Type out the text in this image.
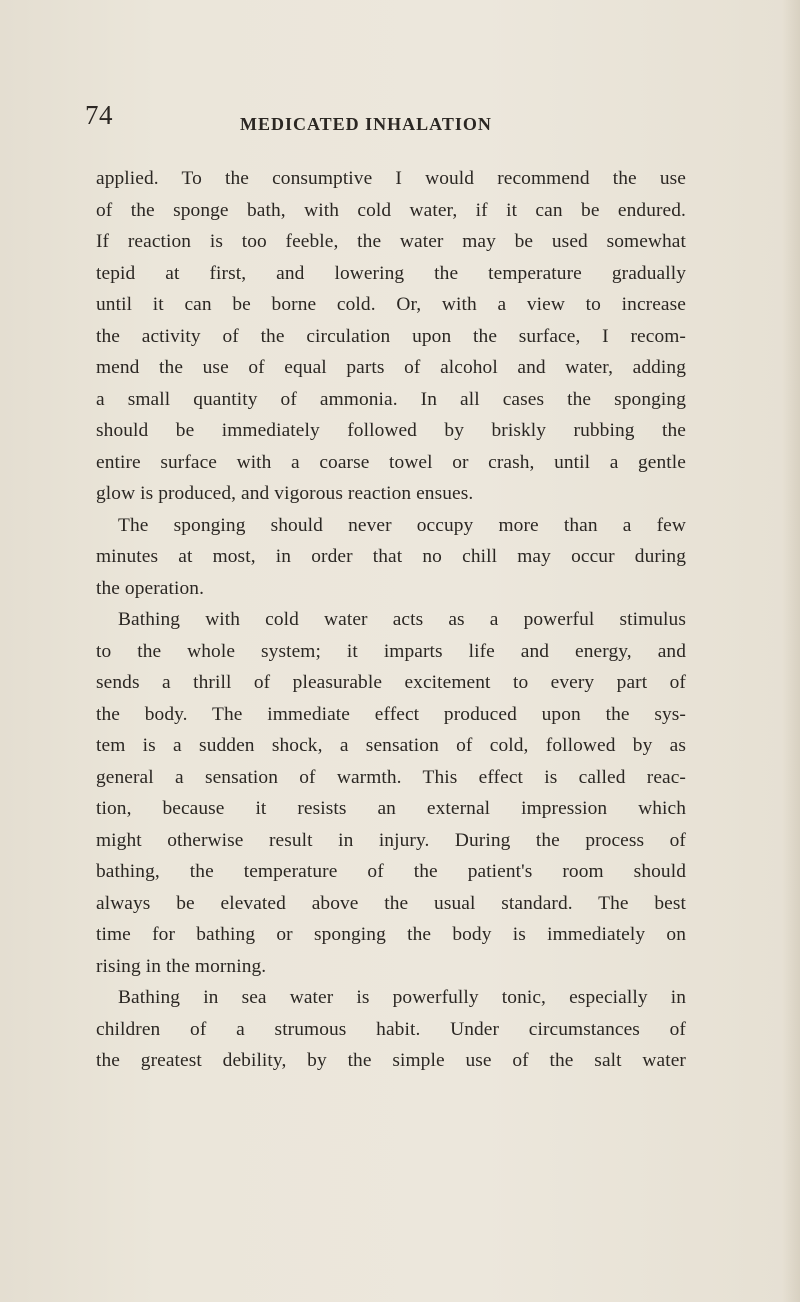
74	MEDICATED INHALATION
applied. To the consumptive I would recommend the use
of the sponge bath, with cold water, if it can be endured.
If reaction is too feeble, the water may be used somewhat
tepid at first, and lowering the temperature gradually
until it can be borne cold. Or, with a view to increase
the activity of the circulation upon the surface, I recom-
mend the use of equal parts of alcohol and water, adding
a small quantity of ammonia. In all cases the sponging
should be immediately followed by briskly rubbing the
entire surface with a coarse towel or crash, until a gentle
glow is produced, and vigorous reaction ensues.
The sponging should never occupy more than a few
minutes at most, in order that no chill may occur during
the operation.
Bathing with cold water acts as a powerful stimulus
to the whole system; it imparts life and energy, and
sends a thrill of pleasurable excitement to every part of
the body. The immediate effect produced upon the sys-
tem is a sudden shock, a sensation of cold, followed by as
general a sensation of warmth. This effect is called reac-
tion, because it resists an external impression which
might otherwise result in injury. During the process of
bathing, the temperature of the patient's room should
always be elevated above the usual standard. The best
time for bathing or sponging the body is immediately on
rising in the morning.
Bathing in sea water is powerfully tonic, especially in
children of a strumous habit. Under circumstances of
the greatest debility, by the simple use of the salt water
